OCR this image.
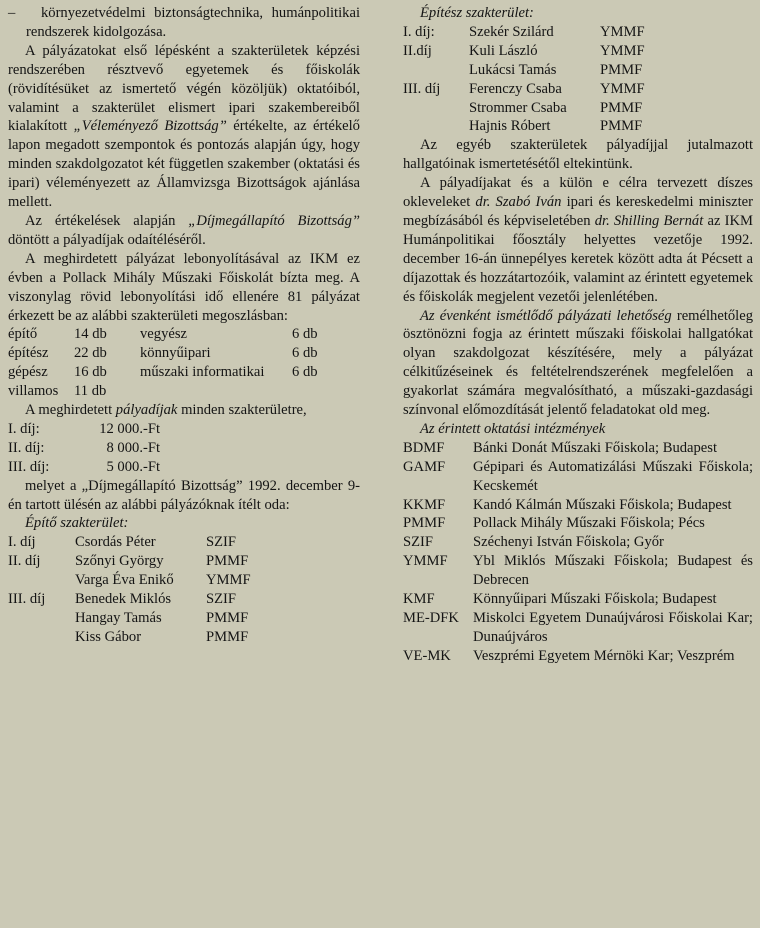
– környezetvédelmi biztonságtechnika, humánpolitikai rendszerek kidolgozása.

A pályázatokat első lépésként a szakterületek képzési rendszerében résztvevő egyetemek és főiskolák (rövidítésüket az ismertető végén közöljük) oktatóiból, valamint a szakterület elismert ipari szakembereiből kialakított „Véleményező Bizottság” értékelte, az értékelő lapon megadott szempontok és pontozás alapján úgy, hogy minden szakdolgozatot két független szakember (oktatási és ipari) véleményezett az Államvizsga Bizottságok ajánlása mellett.

Az értékelések alapján „Díjmegállapító Bizottság” döntött a pályadíjak odaítéléséről.

A meghirdetett pályázat lebonyolításával az IKM ez évben a Pollack Mihály Műszaki Főiskolát bízta meg. A viszonylag rövid lebonyolítási idő ellenére 81 pályázat érkezett be az alábbi szakterületi megoszlásban:

építő	14 db	vegyész	6 db
építész	22 db	könnyűipari	6 db
gépész	16 db	műszaki informatikai	6 db
villamos	11 db

A meghirdetett pályadíjak minden szakterületre,

I. díj:	12 000.-Ft
II. díj:	8 000.-Ft
III. díj:	5 000.-Ft

melyet a „Díjmegállapító Bizottság” 1992. december 9-én tartott ülésén az alábbi pályázóknak ítélt oda:

Építő szakterület:

I. díj	Csordás Péter	SZIF
II. díj	Szőnyi György	PMMF
Varga Éva Enikő	YMMF
III. díj	Benedek Miklós	SZIF
Hangay Tamás	PMMF
Kiss Gábor	PMMF

Építész szakterület:

I. díj:	Szekér Szilárd	YMMF
II.díj	Kuli László	YMMF
Lukácsi Tamás	PMMF
III. díj	Ferenczy Csaba	YMMF
Strommer Csaba	PMMF
Hajnis Róbert	PMMF

Az egyéb szakterületek pályadíjjal jutalmazott hallgatóinak ismertetésétől eltekintünk.

A pályadíjakat és a külön e célra tervezett díszes okleveleket dr. Szabó Iván ipari és kereskedelmi miniszter megbízásából és képviseletében dr. Shilling Bernát az IKM Humánpolitikai főosztály helyettes vezetője 1992. december 16-án ünnepélyes keretek között adta át Pécsett a díjazottak és hozzátartozóik, valamint az érintett egyetemek és főiskolák megjelent vezetői jelenlétében.

Az évenként ismétlődő pályázati lehetőség remélhetőleg ösztönözni fogja az érintett műszaki főiskolai hallgatókat olyan szakdolgozat készítésére, mely a pályázat célkitűzéseinek és feltételrendszerének megfelelően a gyakorlat számára megvalósítható, a műszaki-gazdasági színvonal előmozdítását jelentő feladatokat old meg.

Az érintett oktatási intézmények

BDMF	Bánki Donát Műszaki Főiskola; Budapest
GAMF	Gépipari és Automatizálási Műszaki Főiskola; Kecskemét
KKMF	Kandó Kálmán Műszaki Főiskola; Budapest
PMMF	Pollack Mihály Műszaki Főiskola; Pécs
SZIF	Széchenyi István Főiskola; Győr
YMMF	Ybl Miklós Műszaki Főiskola; Budapest és Debrecen
KMF	Könnyűipari Műszaki Főiskola; Budapest
ME-DFK Miskolci Egyetem Dunaújvárosi Főiskolai Kar; Dunaújváros
VE-MK	Veszprémi Egyetem Mérnöki Kar; Veszprém
